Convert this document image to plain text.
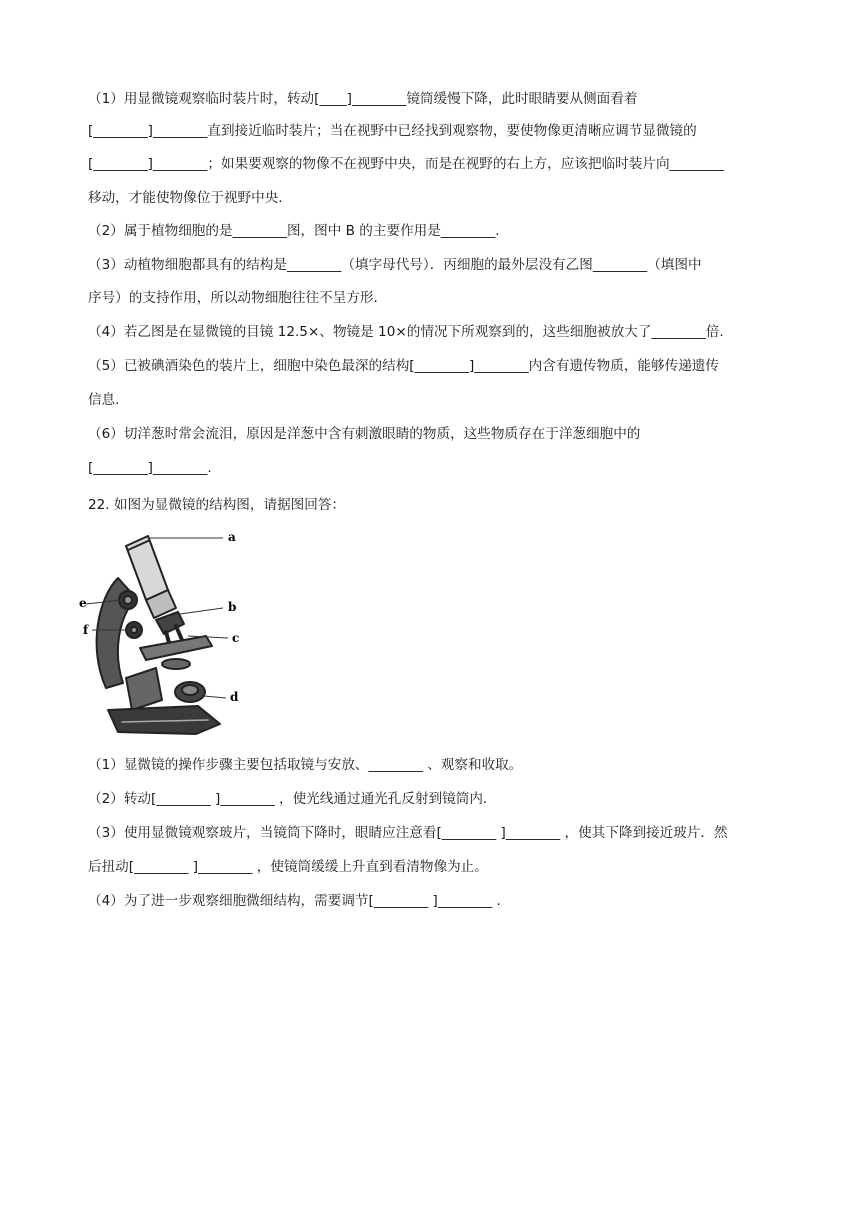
（1）用显微镜观察临时装片时，转动[____]________镜筒缓慢下降，此时眼睛要从侧面看着
[________]________直到接近临时装片；当在视野中已经找到观察物，要使物像更清晰应调节显微镜的
[________]________；如果要观察的物像不在视野中央，而是在视野的右上方，应该把临时装片向________
移动，才能使物像位于视野中央.
（2）属于植物细胞的是________图，图中 B 的主要作用是________.
（3）动植物细胞都具有的结构是________（填字母代号）．丙细胞的最外层没有乙图________（填图中
序号）的支持作用，所以动物细胞往往不呈方形.
（4）若乙图是在显微镜的目镜 12.5×、物镜是 10×的情况下所观察到的，这些细胞被放大了________倍.
（5）已被碘酒染色的装片上，细胞中染色最深的结构[________]________内含有遗传物质，能够传递遗传
信息.
（6）切洋葱时常会流泪，原因是洋葱中含有刺激眼睛的物质，这些物质存在于洋葱细胞中的
[________]________.
22. 如图为显微镜的结构图，请据图回答：
a
b
c
d
e
f
（1）显微镜的操作步骤主要包括取镜与安放、________ 、观察和收取。
（2）转动[________ ]________ ，使光线通过通光孔反射到镜筒内.
（3）使用显微镜观察玻片，当镜筒下降时，眼睛应注意看[________ ]________ ，使其下降到接近玻片．然
后扭动[________ ]________ ，使镜筒缓缓上升直到看清物像为止。
（4）为了进一步观察细胞微细结构，需要调节[________ ]________ .
